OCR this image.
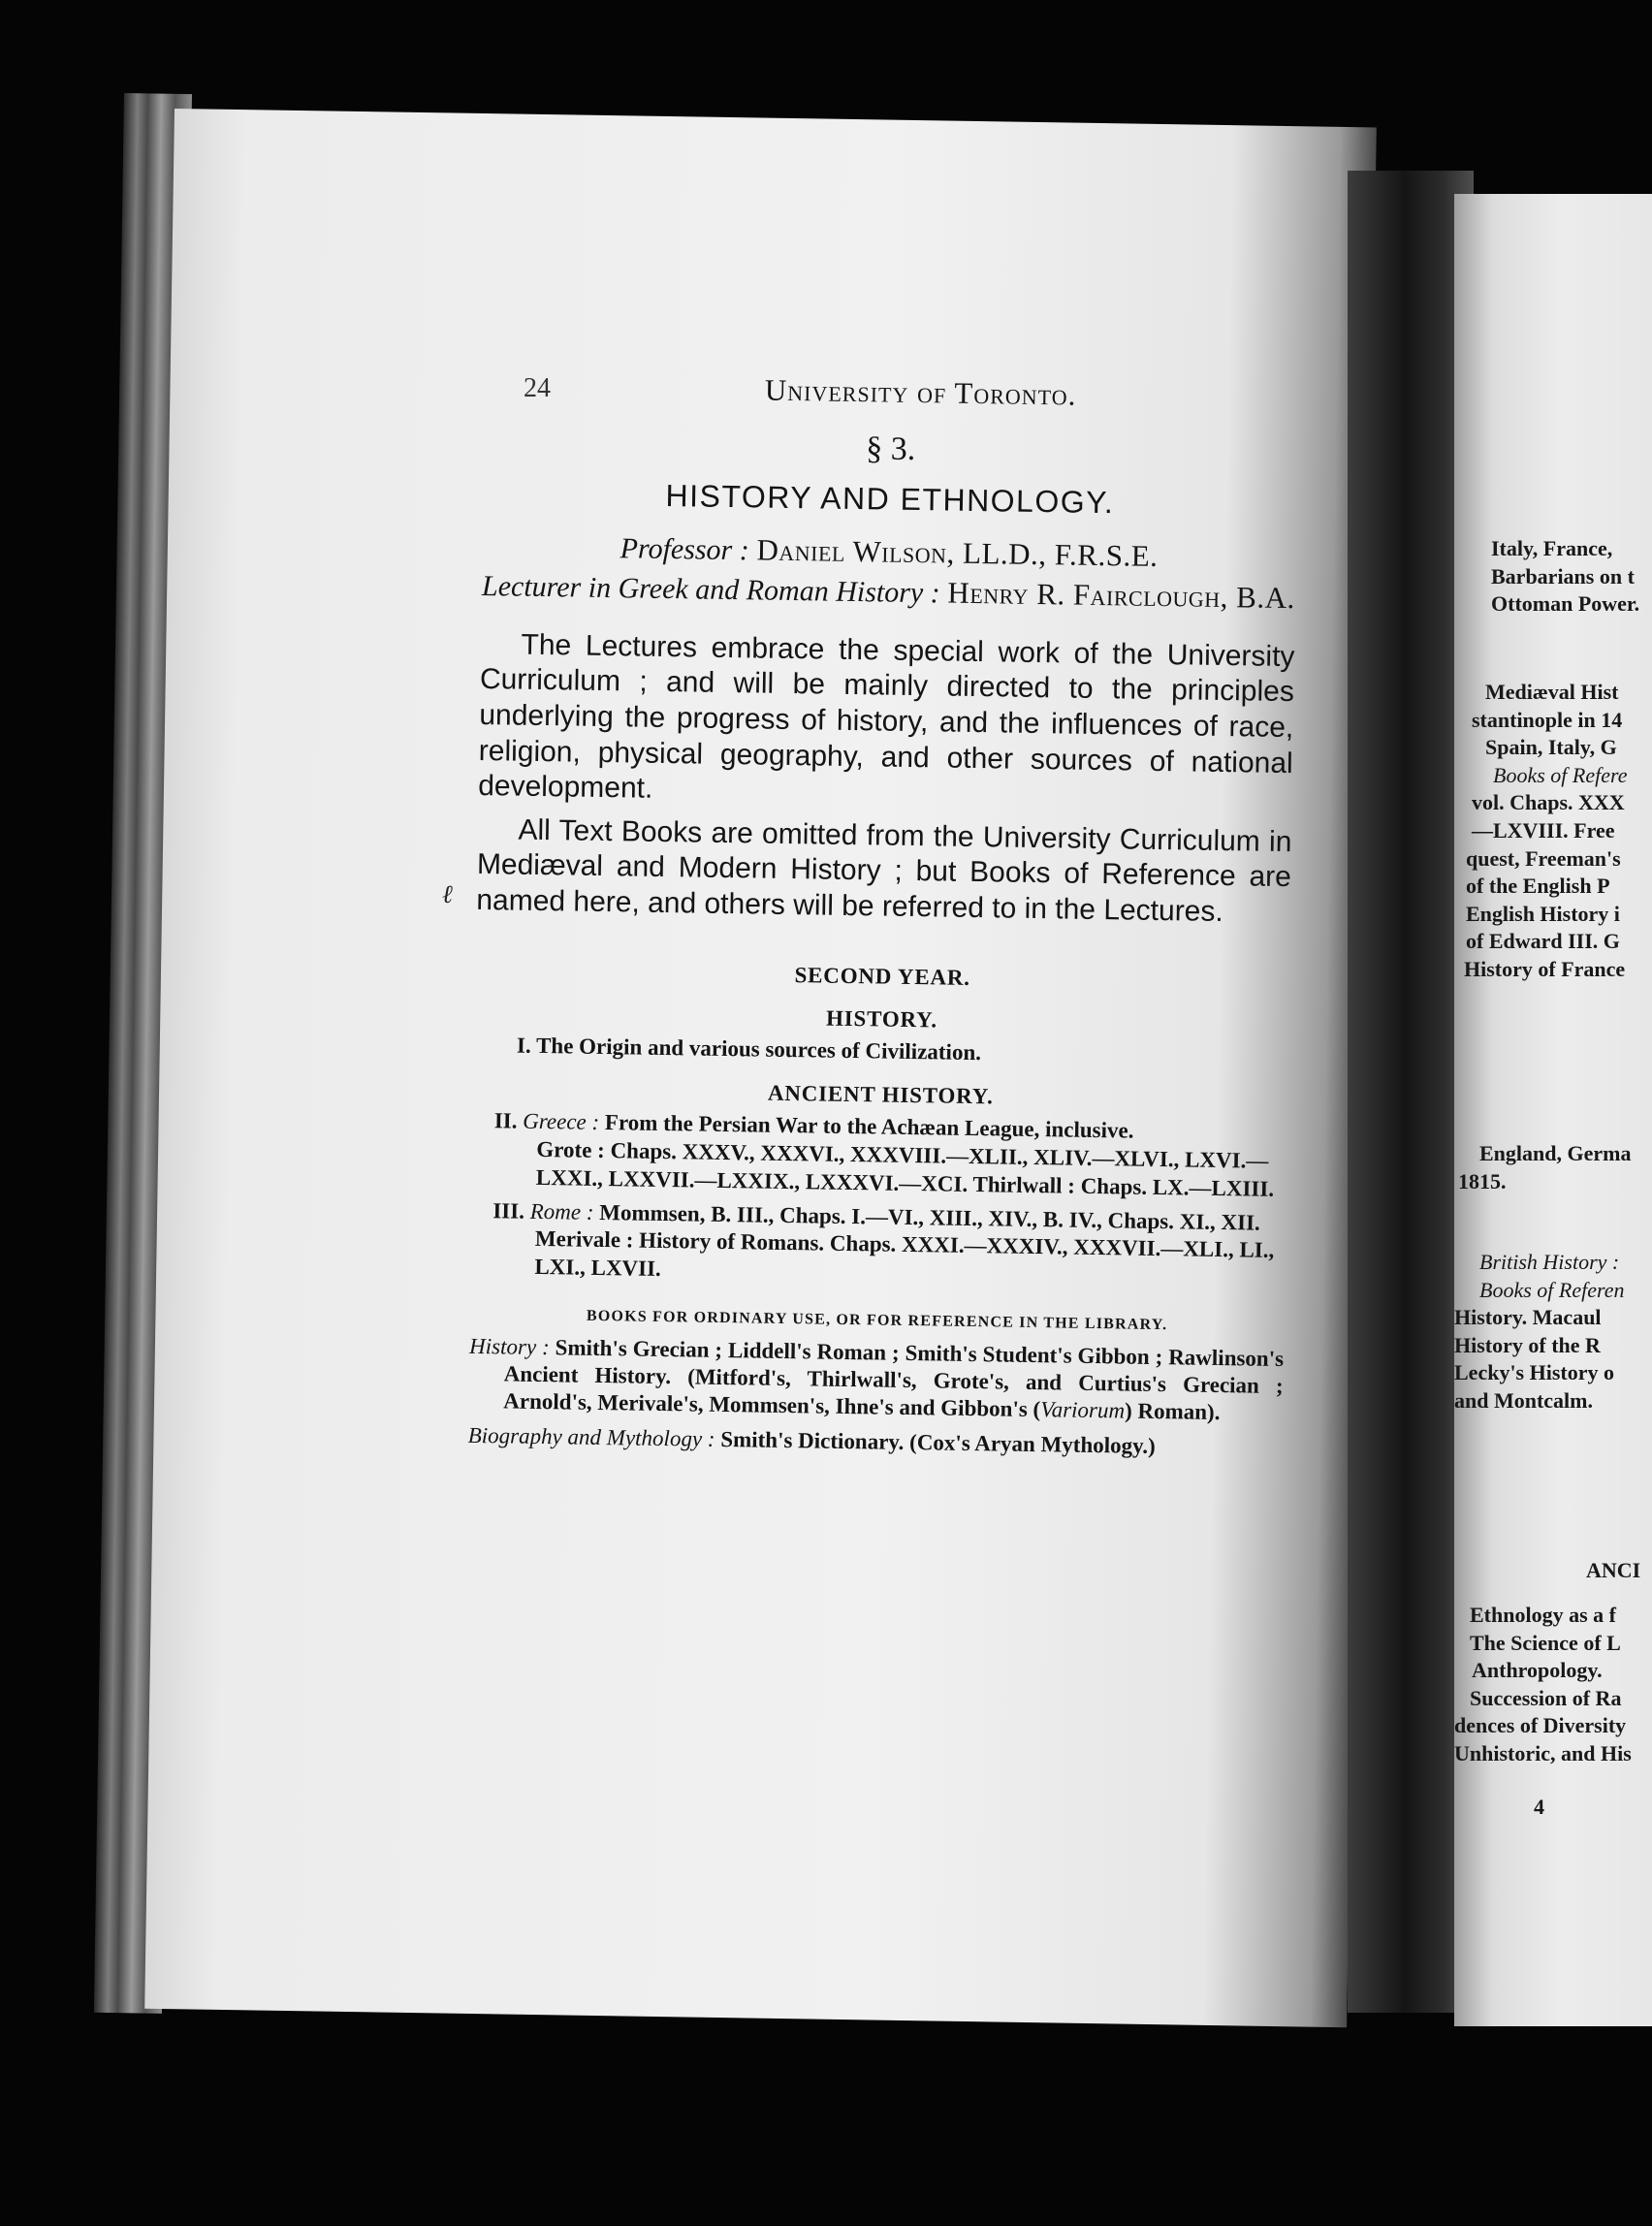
24
ℓ
University of Toronto.
§ 3.
HISTORY AND ETHNOLOGY.
Professor : Daniel Wilson, LL.D., F.R.S.E.
Lecturer in Greek and Roman History : Henry R. Fairclough, B.A.

The Lectures embrace the special work of the University Curriculum ; and will be mainly directed to the principles underlying the progress of history, and the influences of race, religion, physical geography, and other sources of national development.

All Text Books are omitted from the University Curriculum in Mediæval and Modern History ; but Books of Reference are named here, and others will be referred to in the Lectures.

SECOND YEAR.
HISTORY.
I. The Origin and various sources of Civilization.
ANCIENT HISTORY.
II. Greece : From the Persian War to the Achæan League, inclusive.
Grote : Chaps. XXXV., XXXVI., XXXVIII.—XLII., XLIV.—XLVI., LXVI.—LXXI., LXXVII.—LXXIX., LXXXVI.—XCI. Thirlwall : Chaps. LX.—LXIII.
III. Rome : Mommsen, B. III., Chaps. I.—VI., XIII., XIV., B. IV., Chaps. XI., XII.
Merivale : History of Romans. Chaps. XXXI.—XXXIV., XXXVII.—XLI., LI., LXI., LXVII.
BOOKS FOR ORDINARY USE, OR FOR REFERENCE IN THE LIBRARY.
History : Smith's Grecian ; Liddell's Roman ; Smith's Student's Gibbon ; Rawlinson's Ancient History. (Mitford's, Thirlwall's, Grote's, and Curtius's Grecian ; Arnold's, Merivale's, Mommsen's, Ihne's and Gibbon's (Variorum) Roman).
Biography and Mythology : Smith's Dictionary. (Cox's Aryan Mythology.)
Italy, France,
Barbarians on t
Ottoman Power.
Mediæval Hist
stantinople in 14
Spain, Italy, G
Books of Refere
vol. Chaps. XXX
—LXVIII. Free
quest, Freeman's
of the English P
English History i
of Edward III. G
History of France
England, Germa
1815.
British History :
Books of Referen
History. Macaul
History of the R
Lecky's History o
and Montcalm.
ANCI
Ethnology as a f
The Science of L
Anthropology.
Succession of Ra
dences of Diversity
Unhistoric, and His
4
